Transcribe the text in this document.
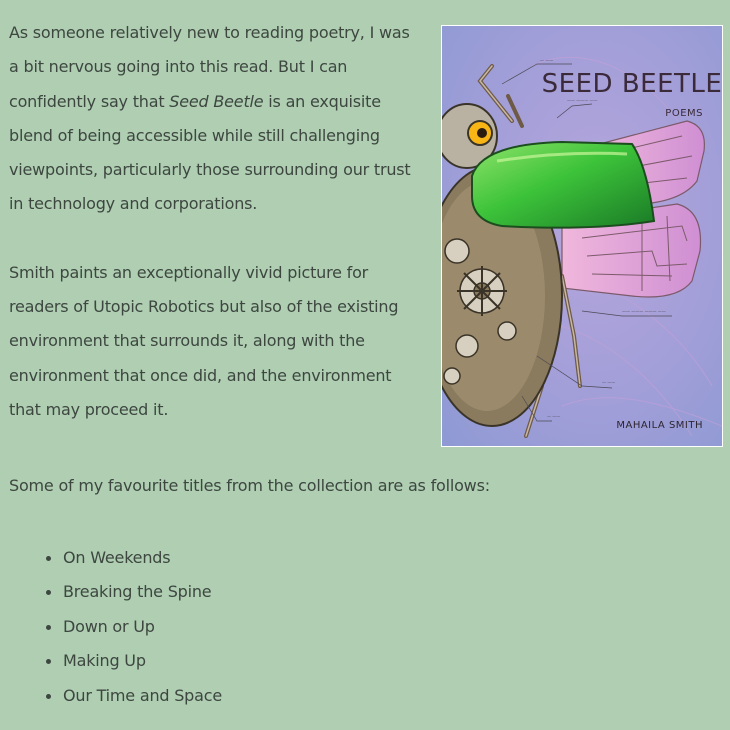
— ——
—— ——— ——
—— ——— ——— ——
— ——
— ——
SEED BEETLE
POEMS
MAHAILA SMITH

As someone relatively new to reading poetry, I was a bit nervous going into this read. But I can confidently say that Seed Beetle is an exquisite blend of being accessible while still challenging viewpoints, particularly those surrounding our trust in technology and corporations.

Smith paints an exceptionally vivid picture for readers of Utopic Robotics but also of the existing environment that surrounds it, along with the environment that once did, and the environment that may proceed it.

Some of my favourite titles from the collection are as follows:

On Weekends
Breaking the Spine
Down or Up
Making Up
Our Time and Space
